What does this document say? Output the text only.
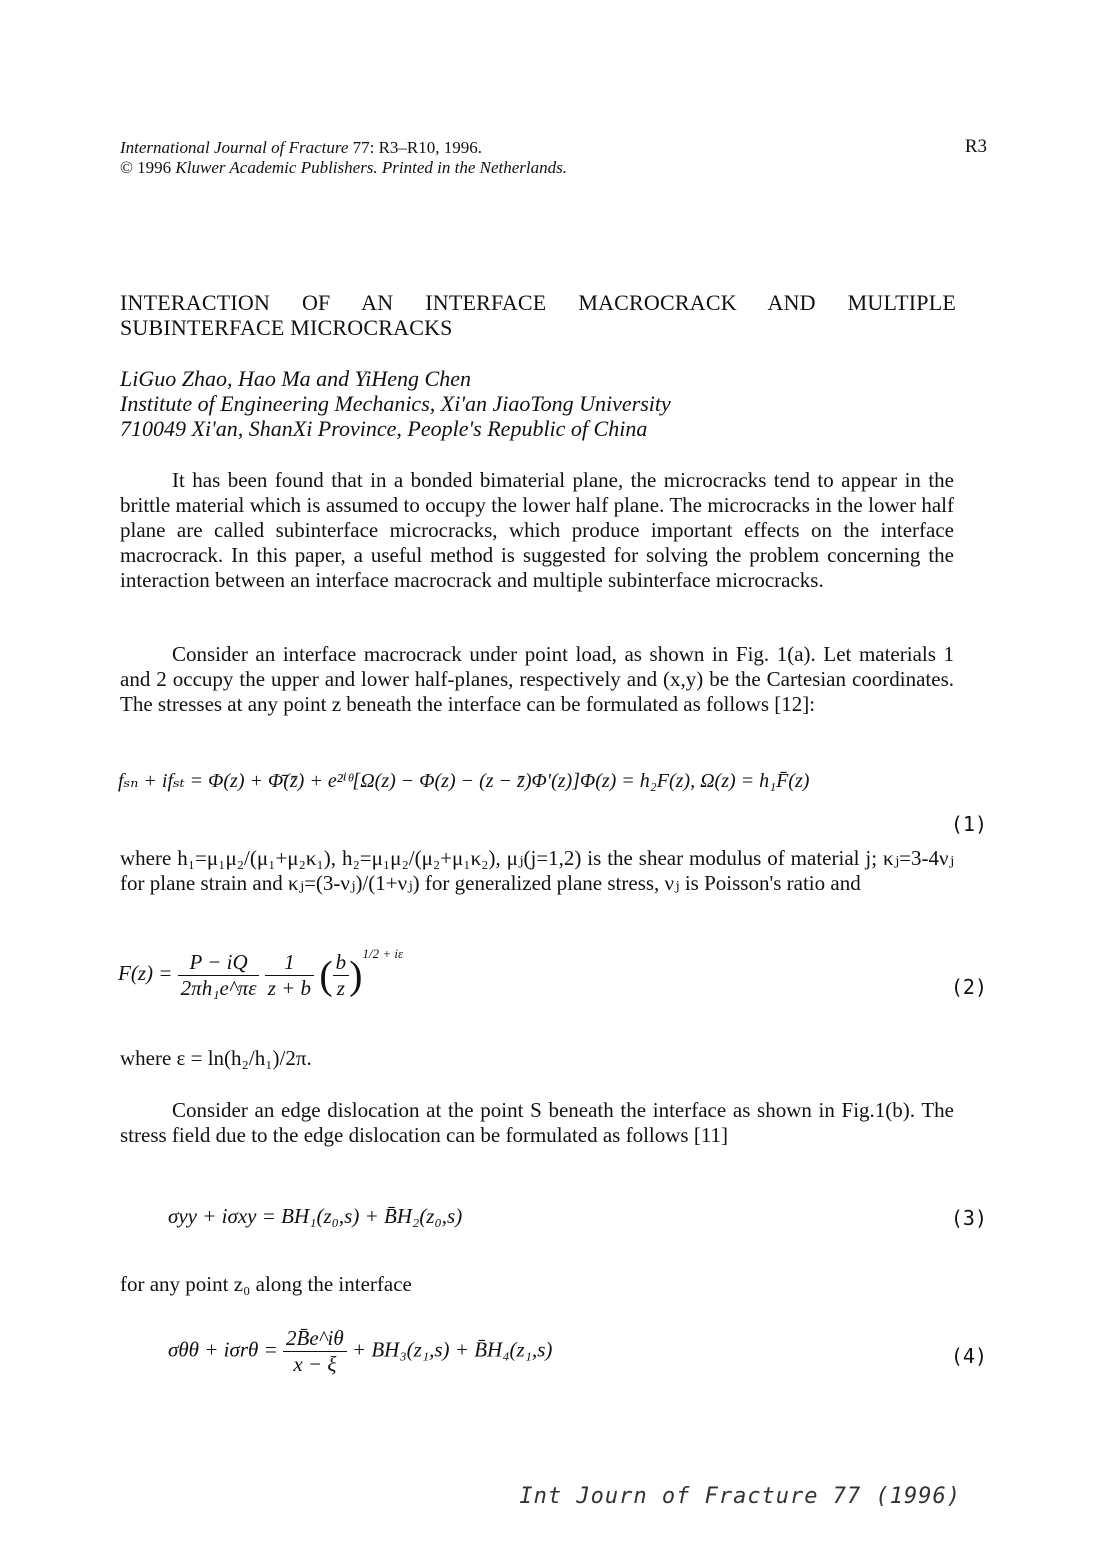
International Journal of Fracture 77: R3–R10, 1996.
© 1996 Kluwer Academic Publishers. Printed in the Netherlands.
R3
INTERACTION OF AN INTERFACE MACROCRACK AND MULTIPLE SUBINTERFACE MICROCRACKS
LiGuo Zhao, Hao Ma and YiHeng Chen
Institute of Engineering Mechanics, Xi'an JiaoTong University
710049 Xi'an, ShanXi Province, People's Republic of China

It has been found that in a bonded bimaterial plane, the microcracks tend to appear in the brittle material which is assumed to occupy the lower half plane. The microcracks in the lower half plane are called subinterface microcracks, which produce important effects on the interface macrocrack. In this paper, a useful method is suggested for solving the problem concerning the interaction between an interface macrocrack and multiple subinterface microcracks.

Consider an interface macrocrack under point load, as shown in Fig. 1(a). Let materials 1 and 2 occupy the upper and lower half-planes, respectively and (x,y) be the Cartesian coordinates. The stresses at any point z beneath the interface can be formulated as follows [12]:

fₛₙ + ifₛₜ = Φ(z) + Φ̄(z̄) + e²ⁱᶿ[Ω(z) − Φ(z) − (z − z̄)Φ′(z)]Φ(z) = h₂F(z), Ω(z) = h₁F̄(z)
(1)

where h₁=μ₁μ₂/(μ₁+μ₂κ₁), h₂=μ₁μ₂/(μ₂+μ₁κ₂), μⱼ(j=1,2) is the shear modulus of material j; κⱼ=3-4νⱼ for plane strain and κⱼ=(3-νⱼ)/(1+νⱼ) for generalized plane stress, νⱼ is Poisson's ratio and

$F(z) = \frac{P - iQ}{\text{2πh₁e\textasciicircum{}πε}}$
$\frac{1}{z + b}$ ( $\frac{b}{z} )^{1/2 + i\varepsilon}$
(2)
where ε = ln(h₂/h₁)/2π.

Consider an edge dislocation at the point S beneath the interface as shown in Fig.1(b). The stress field due to the edge dislocation can be formulated as follows [11]

σyy + iσxy = BH₁(z₀,s) + B̄H₂(z₀,s)	(3)
for any point z₀ along the interface
$\sigma\theta\theta + i\sigma r\theta = \frac{2B̄e\^{}i\theta}{x - \xi} + BH_3(z_1,s)$ + B̄H₄(z₁,s)	(4)
Int Journ of Fracture 77 (1996)
